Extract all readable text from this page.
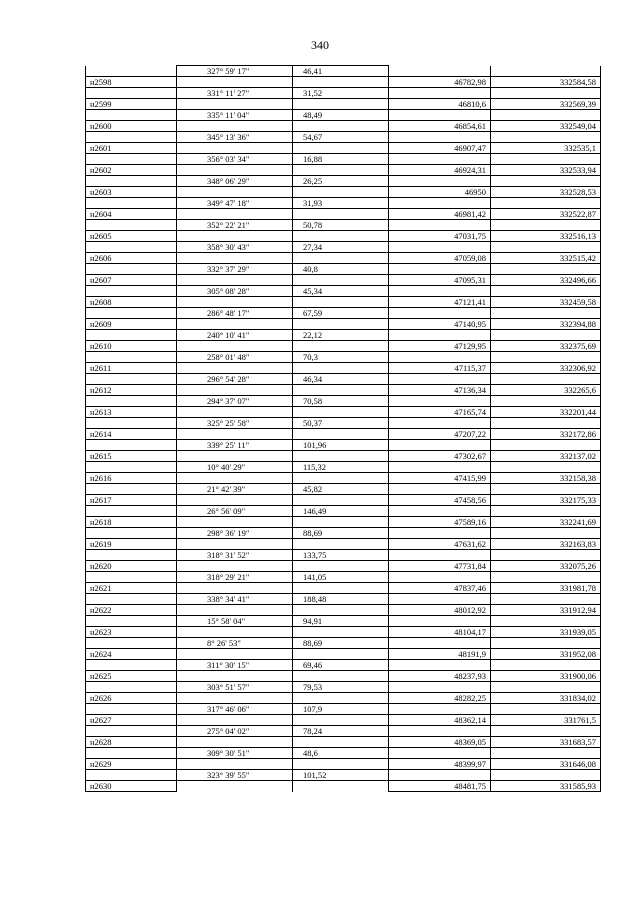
340
	327° 59' 17"	46,41		
н2598			46782,98	332584,58
	331° 11' 27"	31,52		
н2599			46810,6	332569,39
	335° 11' 04"	48,49		
н2600			46854,61	332549,04
	345° 13' 36"	54,67		
н2601			46907,47	332535,1
	356° 03' 34"	16,88		
н2602			46924,31	332533,94
	348° 06' 29"	26,25		
н2603			46950	332528,53
	349° 47' 18"	31,93		
н2604			46981,42	332522,87
	352° 22' 21"	50,78		
н2605			47031,75	332516,13
	358° 30' 43"	27,34		
н2606			47059,08	332515,42
	332° 37' 29"	40,8		
н2607			47095,31	332496,66
	305° 08' 28"	45,34		
н2608			47121,41	332459,58
	286° 48' 17"	67,59		
н2609			47140,95	332394,88
	240° 10' 41"	22,12		
н2610			47129,95	332375,69
	258° 01' 48"	70,3		
н2611			47115,37	332306,92
	296° 54' 28"	46,34		
н2612			47136,34	332265,6
	294° 37' 07"	70,58		
н2613			47165,74	332201,44
	325° 25' 58"	50,37		
н2614			47207,22	332172,86
	339° 25' 11"	101,96		
н2615			47302,67	332137,02
	10° 40' 29"	115,32		
н2616			47415,99	332158,38
	21° 42' 39"	45,82		
н2617			47458,56	332175,33
	26° 56' 09"	146,49		
н2618			47589,16	332241,69
	298° 36' 19"	88,69		
н2619			47631,62	332163,83
	318° 31' 52"	133,75		
н2620			47731,84	332075,26
	318° 29' 21"	141,05		
н2621			47837,46	331981,78
	338° 34' 41"	188,48		
н2622			48012,92	331912,94
	15° 58' 04"	94,91		
н2623			48104,17	331939,05
	8° 26' 53"	88,69		
н2624			48191,9	331952,08
	311° 30' 15"	69,46		
н2625			48237,93	331900,06
	303° 51' 57"	79,53		
н2626			48282,25	331834,02
	317° 46' 06"	107,9		
н2627			48362,14	331761,5
	275° 04' 02"	78,24		
н2628			48369,05	331683,57
	309° 30' 51"	48,6		
н2629			48399,97	331646,08
	323° 39' 55"	101,52		
н2630			48481,75	331585,93
